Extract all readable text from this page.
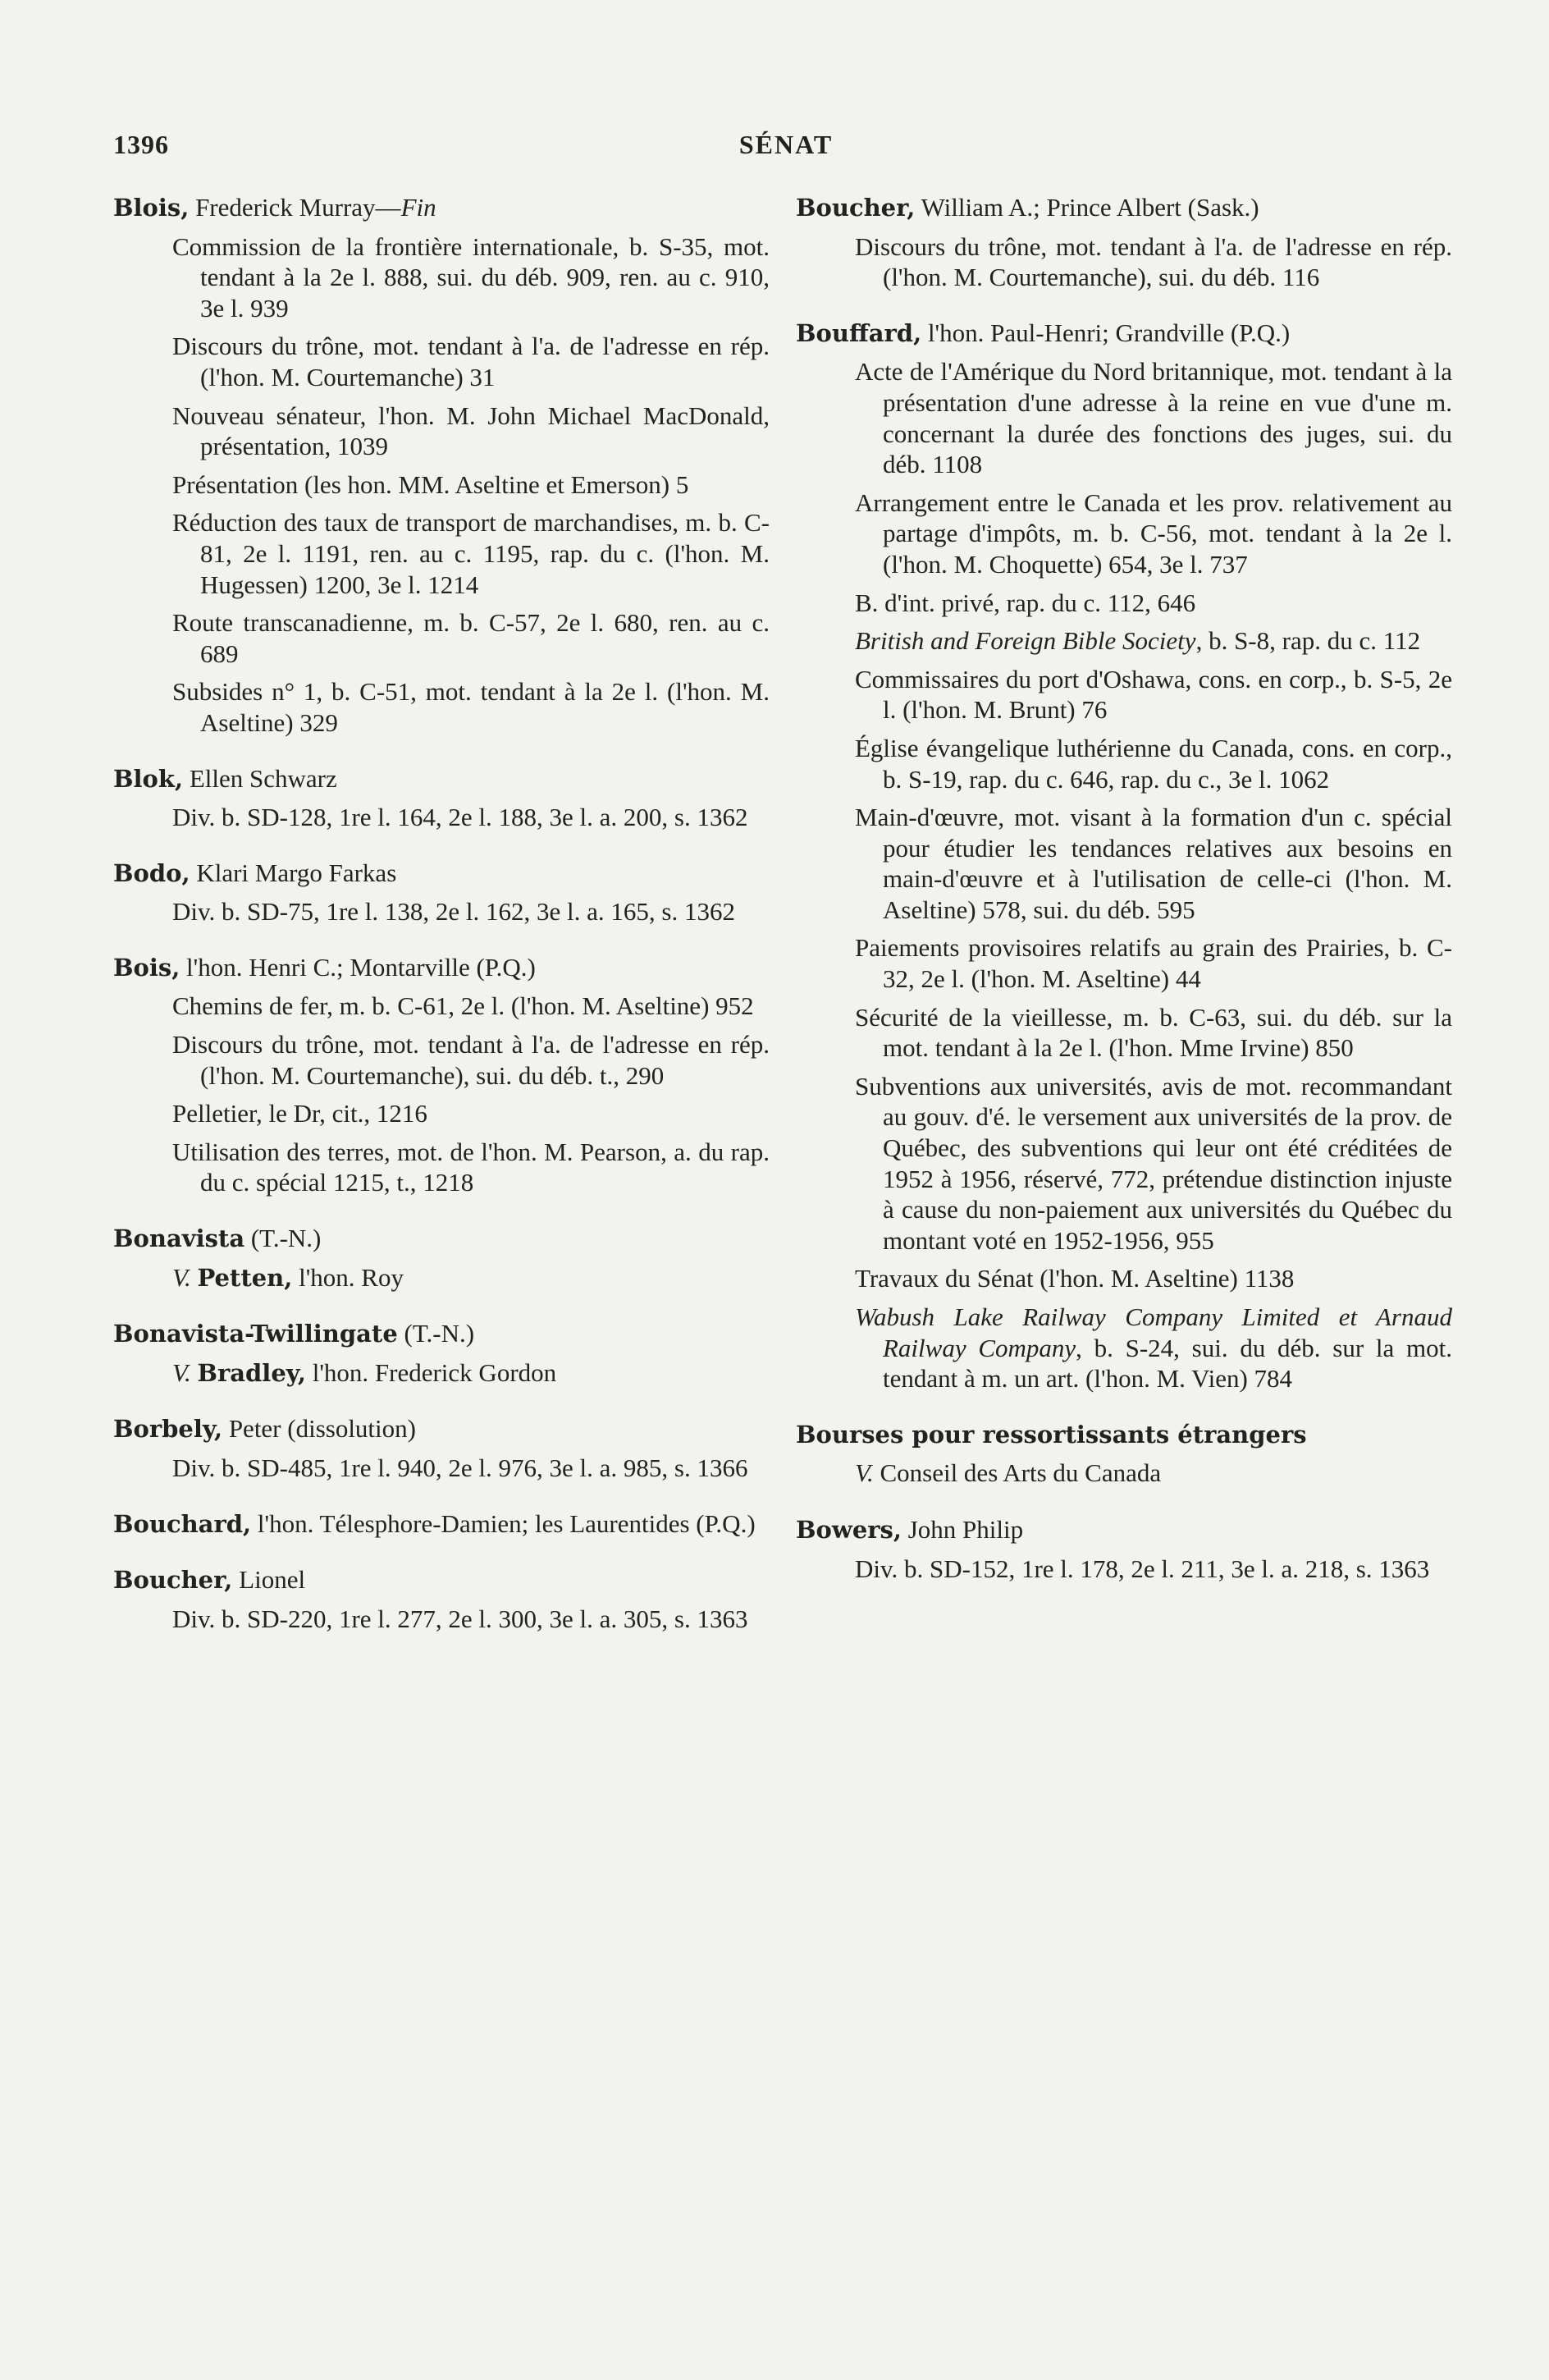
1396	SÉNAT
Blois, Frederick Murray—Fin
Commission de la frontière internationale, b. S-35, mot. tendant à la 2e l. 888, sui. du déb. 909, ren. au c. 910, 3e l. 939
Discours du trône, mot. tendant à l'a. de l'adresse en rép. (l'hon. M. Courtemanche) 31
Nouveau sénateur, l'hon. M. John Michael MacDonald, présentation, 1039
Présentation (les hon. MM. Aseltine et Emerson) 5
Réduction des taux de transport de marchandises, m. b. C-81, 2e l. 1191, ren. au c. 1195, rap. du c. (l'hon. M. Hugessen) 1200, 3e l. 1214
Route transcanadienne, m. b. C-57, 2e l. 680, ren. au c. 689
Subsides n° 1, b. C-51, mot. tendant à la 2e l. (l'hon. M. Aseltine) 329
Blok, Ellen Schwarz
Div. b. SD-128, 1re l. 164, 2e l. 188, 3e l. a. 200, s. 1362
Bodo, Klari Margo Farkas
Div. b. SD-75, 1re l. 138, 2e l. 162, 3e l. a. 165, s. 1362
Bois, l'hon. Henri C.; Montarville (P.Q.)
Chemins de fer, m. b. C-61, 2e l. (l'hon. M. Aseltine) 952
Discours du trône, mot. tendant à l'a. de l'adresse en rép. (l'hon. M. Courtemanche), sui. du déb. t., 290
Pelletier, le Dr, cit., 1216
Utilisation des terres, mot. de l'hon. M. Pearson, a. du rap. du c. spécial 1215, t., 1218
Bonavista (T.-N.)
V. Petten, l'hon. Roy
Bonavista-Twillingate (T.-N.)
V. Bradley, l'hon. Frederick Gordon
Borbely, Peter (dissolution)
Div. b. SD-485, 1re l. 940, 2e l. 976, 3e l. a. 985, s. 1366
Bouchard, l'hon. Télesphore-Damien; les Laurentides (P.Q.)
Boucher, Lionel
Div. b. SD-220, 1re l. 277, 2e l. 300, 3e l. a. 305, s. 1363
Boucher, William A.; Prince Albert (Sask.)
Discours du trône, mot. tendant à l'a. de l'adresse en rép. (l'hon. M. Courtemanche), sui. du déb. 116
Bouffard, l'hon. Paul-Henri; Grandville (P.Q.)
Acte de l'Amérique du Nord britannique, mot. tendant à la présentation d'une adresse à la reine en vue d'une m. concernant la durée des fonctions des juges, sui. du déb. 1108
Arrangement entre le Canada et les prov. relativement au partage d'impôts, m. b. C-56, mot. tendant à la 2e l. (l'hon. M. Choquette) 654, 3e l. 737
B. d'int. privé, rap. du c. 112, 646
British and Foreign Bible Society, b. S-8, rap. du c. 112
Commissaires du port d'Oshawa, cons. en corp., b. S-5, 2e l. (l'hon. M. Brunt) 76
Église évangelique luthérienne du Canada, cons. en corp., b. S-19, rap. du c. 646, rap. du c., 3e l. 1062
Main-d'œuvre, mot. visant à la formation d'un c. spécial pour étudier les tendances relatives aux besoins en main-d'œuvre et à l'utilisation de celle-ci (l'hon. M. Aseltine) 578, sui. du déb. 595
Paiements provisoires relatifs au grain des Prairies, b. C-32, 2e l. (l'hon. M. Aseltine) 44
Sécurité de la vieillesse, m. b. C-63, sui. du déb. sur la mot. tendant à la 2e l. (l'hon. Mme Irvine) 850
Subventions aux universités, avis de mot. recommandant au gouv. d'é. le versement aux universités de la prov. de Québec, des subventions qui leur ont été créditées de 1952 à 1956, réservé, 772, prétendue distinction injuste à cause du non-paiement aux universités du Québec du montant voté en 1952-1956, 955
Travaux du Sénat (l'hon. M. Aseltine) 1138
Wabush Lake Railway Company Limited et Arnaud Railway Company, b. S-24, sui. du déb. sur la mot. tendant à m. un art. (l'hon. M. Vien) 784
Bourses pour ressortissants étrangers
V. Conseil des Arts du Canada
Bowers, John Philip
Div. b. SD-152, 1re l. 178, 2e l. 211, 3e l. a. 218, s. 1363
